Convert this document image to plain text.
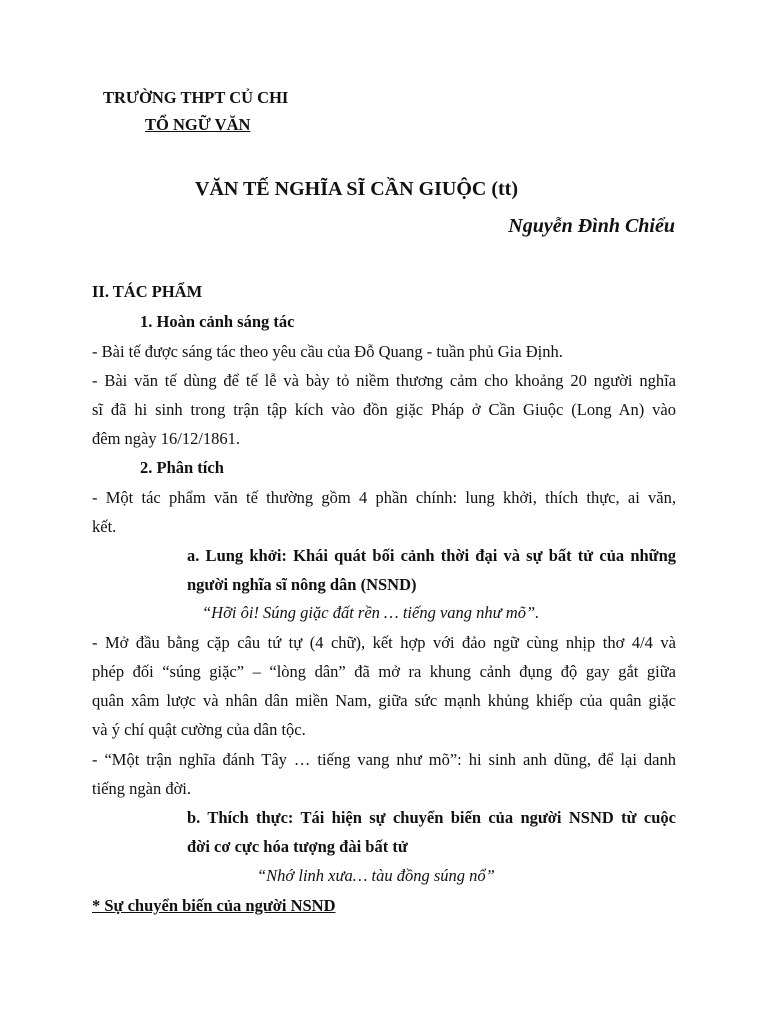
TRƯỜNG THPT CỦ CHI
TỔ NGỮ VĂN
VĂN TẾ NGHĨA SĨ CẦN GIUỘC (tt)
Nguyễn Đình Chiểu
II. TÁC PHẨM
1. Hoàn cảnh sáng tác
- Bài tế được sáng tác theo yêu cầu của Đỗ Quang - tuần phủ Gia Định.
- Bài văn tế dùng để tế lễ và bày tỏ niềm thương cảm cho khoảng 20 người nghĩa
sĩ đã hi sinh trong trận tập kích vào đồn giặc Pháp ở Cần Giuộc (Long An) vào
đêm ngày 16/12/1861.
2. Phân tích
- Một tác phẩm văn tế thường gồm 4 phần chính: lung khởi, thích thực, ai văn,
kết.
a. Lung khởi: Khái quát bối cảnh thời đại và sự bất tử của những
người nghĩa sĩ nông dân (NSND)
“Hỡi ôi! Súng giặc đất rền … tiếng vang như mõ”.
- Mở đầu bằng cặp câu tứ tự (4 chữ), kết hợp với đảo ngữ cùng nhịp thơ 4/4 và
phép đối “súng giặc” – “lòng dân” đã mở ra khung cảnh đụng độ gay gắt giữa
quân xâm lược và nhân dân miền Nam, giữa sức mạnh khủng khiếp của quân giặc
và ý chí quật cường của dân tộc.
- “Một trận nghĩa đánh Tây … tiếng vang như mõ”: hi sinh anh dũng, để lại danh
tiếng ngàn đời.
b. Thích thực: Tái hiện sự chuyển biến của người NSND từ cuộc
đời cơ cực hóa tượng đài bất tử
“Nhớ linh xưa… tàu đồng súng nổ”
* Sự chuyển biến của người NSND
